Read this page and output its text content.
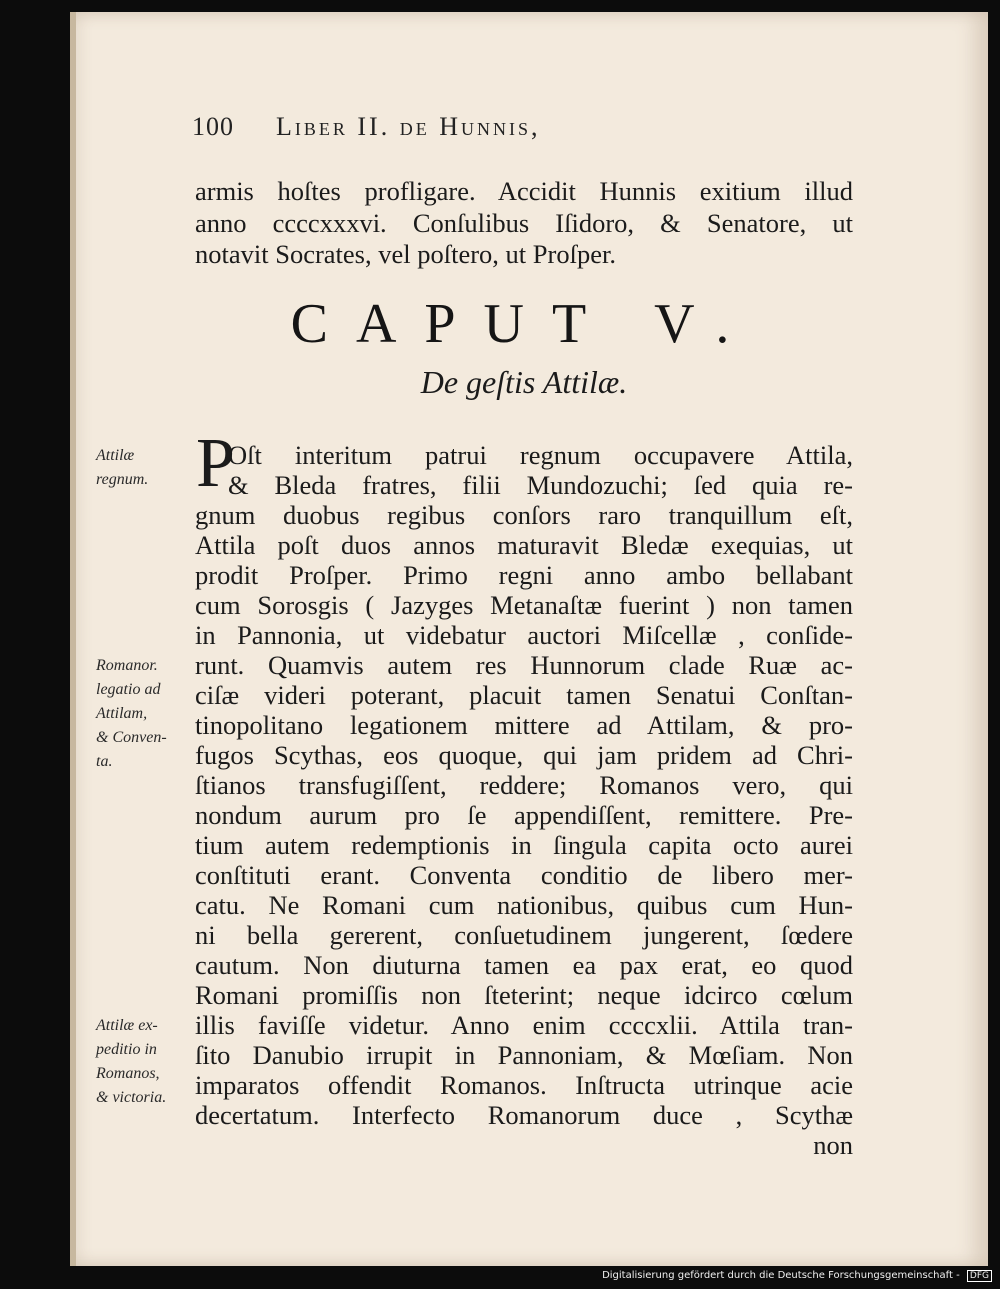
100 Liber II. de Hunnis,
armis hoſtes profligare. Accidit Hunnis exitium illud
anno ccccxxxvi. Conſulibus Iſidoro, & Senatore, ut
notavit Socrates, vel poſtero, ut Proſper.
CAPUT V.
De geſtis Attilæ.
P
Oſt interitum patrui regnum occupavere Attila,
& Bleda fratres, filii Mundozuchi; ſed quia re-
gnum duobus regibus conſors raro tranquillum eſt,
Attila poſt duos annos maturavit Bledæ exequias, ut
prodit Proſper. Primo regni anno ambo bellabant
cum Sorosgis ( Jazyges Metanaſtæ fuerint ) non tamen
in Pannonia, ut videbatur auctori Miſcellæ , conſide-
runt. Quamvis autem res Hunnorum clade Ruæ ac-
ciſæ videri poterant, placuit tamen Senatui Conſtan-
tinopolitano legationem mittere ad Attilam, & pro-
fugos Scythas, eos quoque, qui jam pridem ad Chri-
ſtianos transfugiſſent, reddere; Romanos vero, qui
nondum aurum pro ſe appendiſſent, remittere. Pre-
tium autem redemptionis in ſingula capita octo aurei
conſtituti erant. Conventa conditio de libero mer-
catu. Ne Romani cum nationibus, quibus cum Hun-
ni bella gererent, conſuetudinem jungerent, ſœdere
cautum. Non diuturna tamen ea pax erat, eo quod
Romani promiſſis non ſteterint; neque idcirco cœlum
illis faviſſe videtur. Anno enim ccccxlii. Attila tran-
ſito Danubio irrupit in Pannoniam, & Mœſiam. Non
imparatos offendit Romanos. Inſtructa utrinque acie
decertatum. Interfecto Romanorum duce , Scythæ
non
Attilæ
regnum.
Romanor.
legatio ad
Attilam,
& Conven-
ta.
Attilæ ex-
peditio in
Romanos,
& victoria.
Digitalisierung gefördert durch die Deutsche Forschungsgemeinschaft - DFG
